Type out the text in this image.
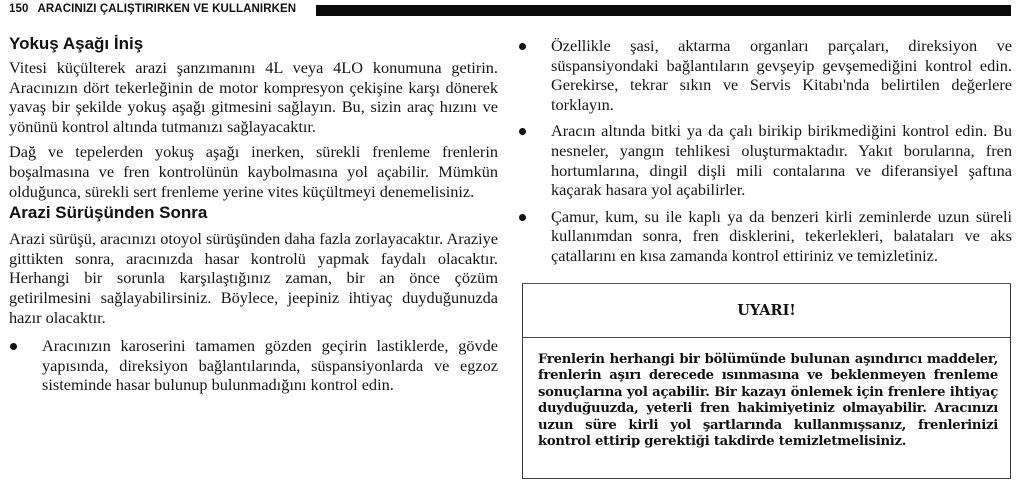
150 ARACINIZI ÇALIŞTIRIRKEN VE KULLANIRKEN
Yokuş Aşağı İniş

Vitesi küçülterek arazi şanzımanını 4L veya 4LO konumuna getirin. Aracınızın dört tekerleğinin de motor kompresyon çekişine karşı dönerek yavaş bir şekilde yokuş aşağı gitmesini sağlayın. Bu, sizin araç hızını ve yönünü kontrol altında tutmanızı sağlayacaktır.

Dağ ve tepelerden yokuş aşağı inerken, sürekli frenleme frenlerin boşalmasına ve fren kontrolünün kaybolmasına yol açabilir. Mümkün olduğunca, sürekli sert frenleme yerine vites küçültmeyi denemelisiniz.

Arazi Sürüşünden Sonra

Arazi sürüşü, aracınızı otoyol sürüşünden daha fazla zorlayacaktır. Araziye gittikten sonra, aracınızda hasar kontrolü yapmak faydalı olacaktır. Herhangi bir sorunla karşılaştığınız zaman, bir an önce çözüm getirilmesini sağlayabilirsiniz. Böylece, jeepiniz ihtiyaç duyduğunuzda hazır olacaktır.

Aracınızın karoserini tamamen gözden geçirin lastiklerde, gövde yapısında, direksiyon bağlantılarında, süspansiyonlarda ve egzoz sisteminde hasar bulunup bulunmadığını kontrol edin.
Özellikle şasi, aktarma organları parçaları, direksiyon ve süspansiyondaki bağlantıların gevşeyip gevşemediğini kontrol edin. Gerekirse, tekrar sıkın ve Servis Kitabı'nda belirtilen değerlere torklayın.
Aracın altında bitki ya da çalı birikip birikmediğini kontrol edin. Bu nesneler, yangın tehlikesi oluşturmaktadır. Yakıt borularına, fren hortumlarına, dingil dişli mili contalarına ve diferansiyel şaftına kaçarak hasara yol açabilirler.
Çamur, kum, su ile kaplı ya da benzeri kirli zeminlerde uzun süreli kullanımdan sonra, fren disklerini, tekerlekleri, balataları ve aks çatallarını en kısa zamanda kontrol ettiriniz ve temizletiniz.
UYARI!
Frenlerin herhangi bir bölümünde bulunan aşındırıcı maddeler, frenlerin aşırı derecede ısınmasına ve beklenmeyen frenleme sonuçlarına yol açabilir. Bir kazayı önlemek için frenlere ihtiyaç duyduğuuzda, yeterli fren hakimiyetiniz olmayabilir. Aracınızı uzun süre kirli yol şartlarında kullanmışsanız, frenlerinizi kontrol ettirip gerektiği takdirde temizletmelisiniz.
